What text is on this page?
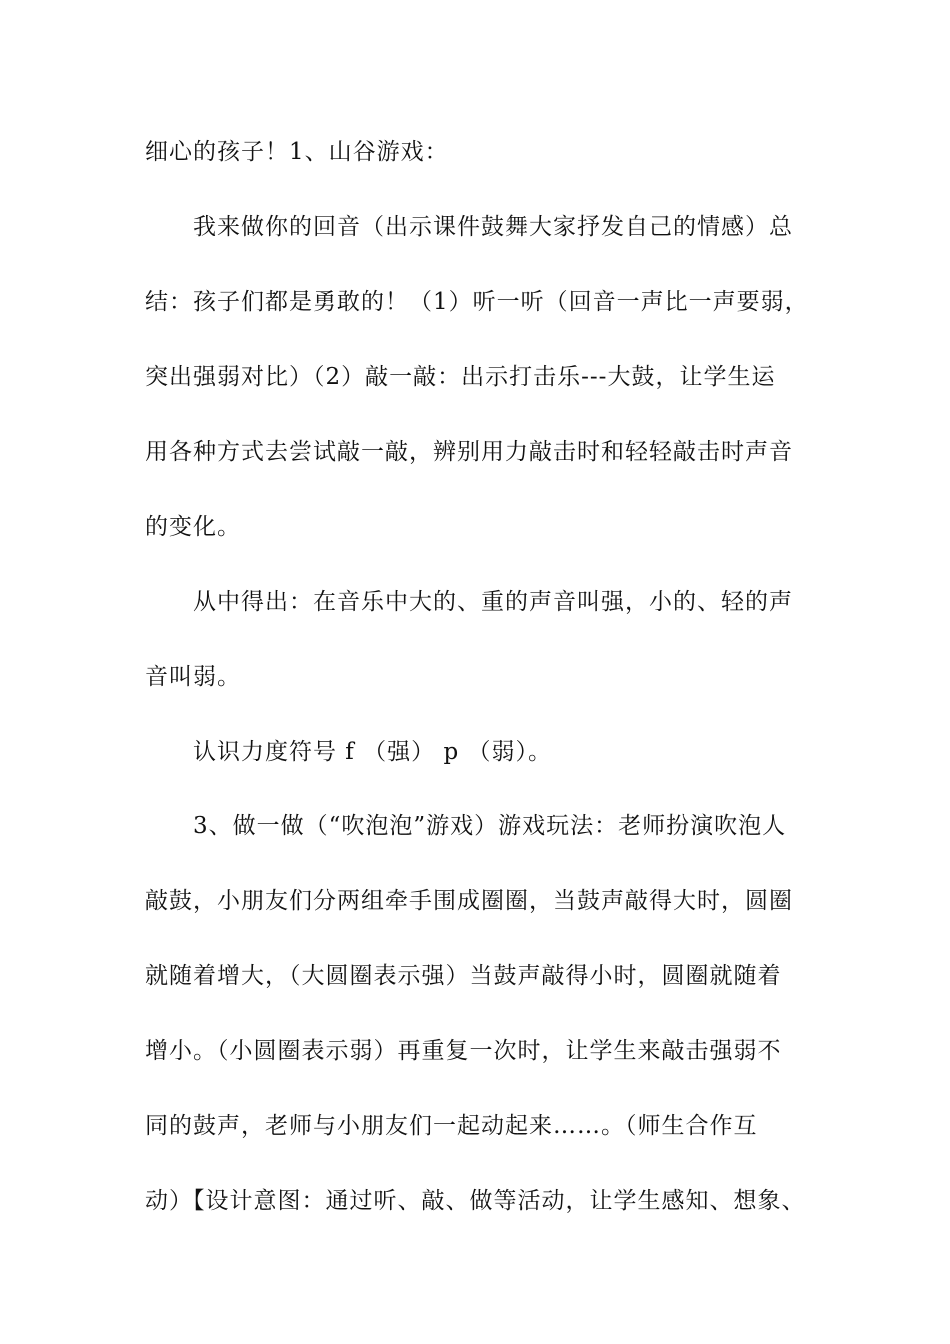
细心的孩子！1、山谷游戏：
我来做你的回音（出示课件鼓舞大家抒发自己的情感）总
结：孩子们都是勇敢的！（1）听一听（回音一声比一声要弱，
突出强弱对比）（2）敲一敲：出示打击乐---大鼓，让学生运
用各种方式去尝试敲一敲，辨别用力敲击时和轻轻敲击时声音
的变化。
从中得出：在音乐中大的、重的声音叫强，小的、轻的声
音叫弱。
认识力度符号 f （强） p （弱）。
3、做一做（“吹泡泡”游戏）游戏玩法：老师扮演吹泡人
敲鼓，小朋友们分两组牵手围成圈圈，当鼓声敲得大时，圆圈
就随着增大，（大圆圈表示强）当鼓声敲得小时，圆圈就随着
增小。（小圆圈表示弱）再重复一次时，让学生来敲击强弱不
同的鼓声，老师与小朋友们一起动起来……。（师生合作互
动）【设计意图：通过听、敲、做等活动，让学生感知、想象、
